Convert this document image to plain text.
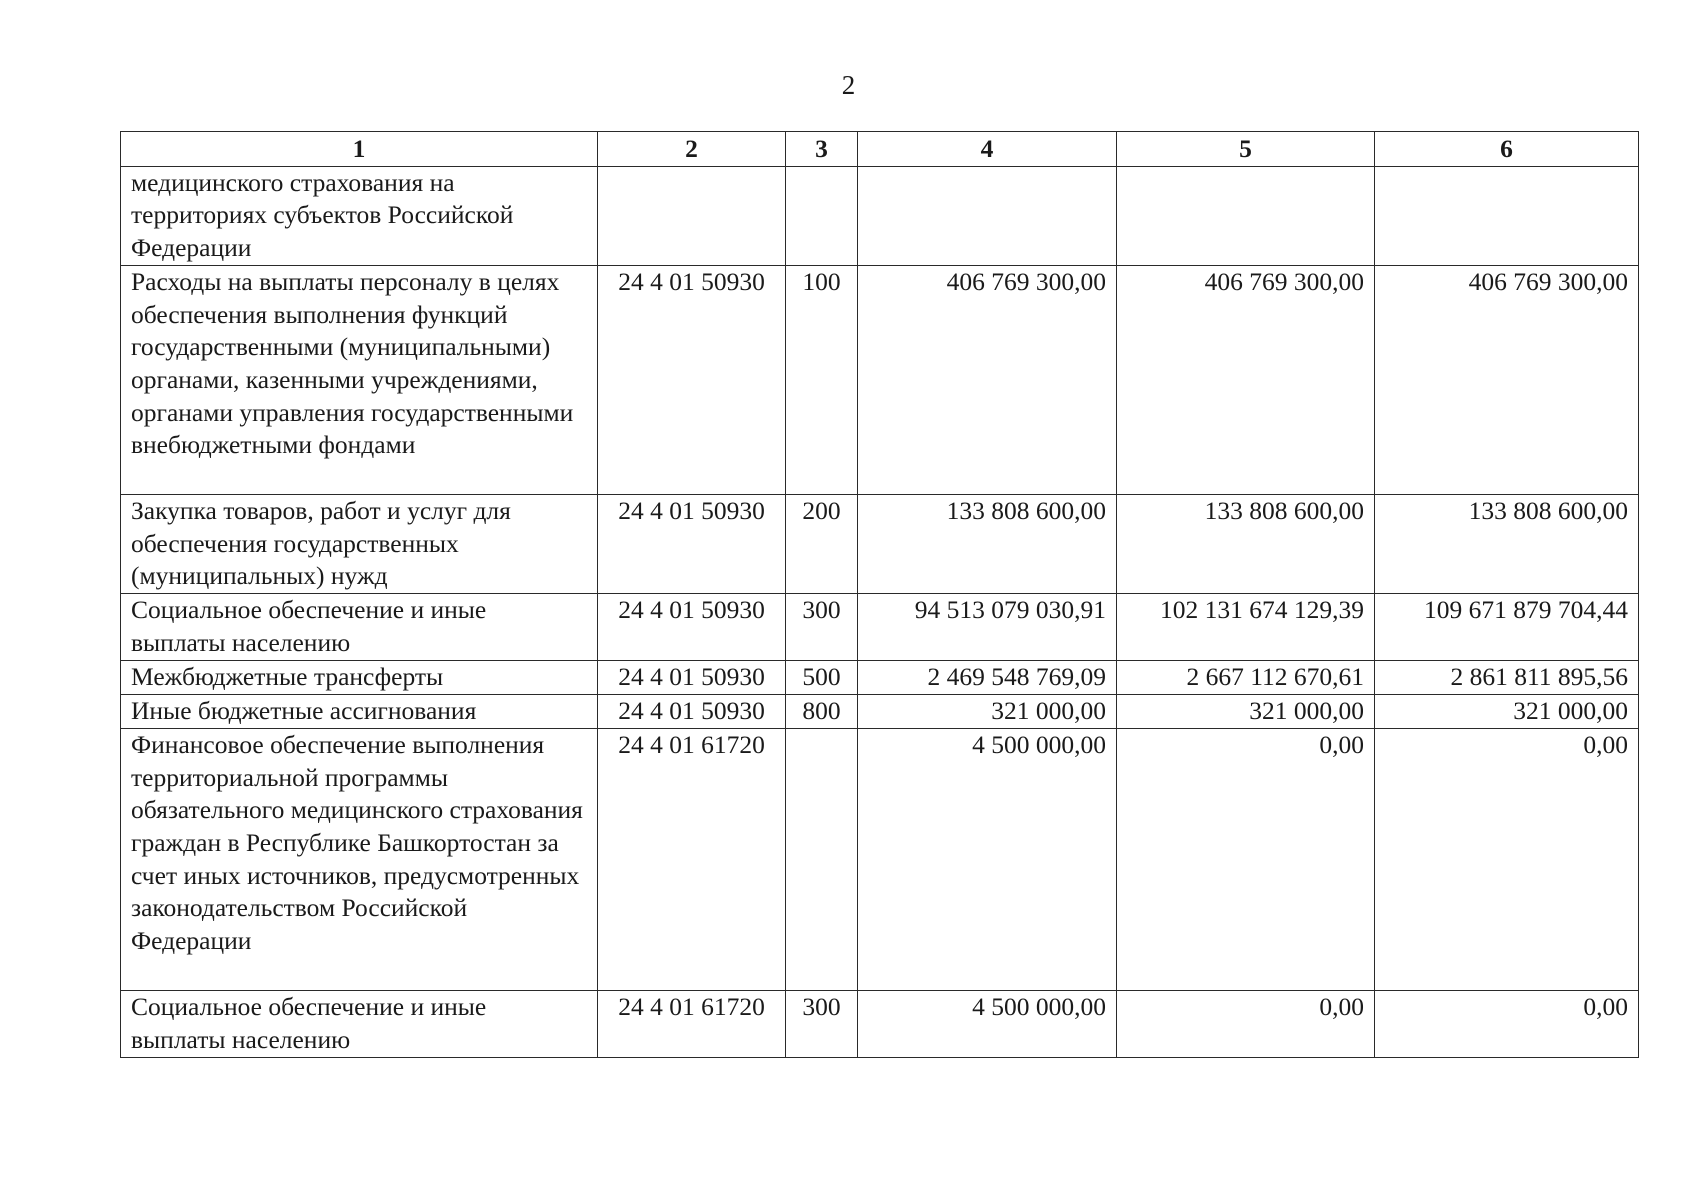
2
1	2	3	4	5	6
медицинского страхования на территориях субъектов Российской Федерации					
Расходы на выплаты персоналу в целях обеспечения выполнения функций государственными (муниципальными) органами, казенными учреждениями, органами управления государственными внебюджетными фондами	24 4 01 50930	100	406 769 300,00	406 769 300,00	406 769 300,00
Закупка товаров, работ и услуг для обеспечения государственных (муниципальных) нужд	24 4 01 50930	200	133 808 600,00	133 808 600,00	133 808 600,00
Социальное обеспечение и иные выплаты населению	24 4 01 50930	300	94 513 079 030,91	102 131 674 129,39	109 671 879 704,44
Межбюджетные трансферты	24 4 01 50930	500	2 469 548 769,09	2 667 112 670,61	2 861 811 895,56
Иные бюджетные ассигнования	24 4 01 50930	800	321 000,00	321 000,00	321 000,00
Финансовое обеспечение выполнения территориальной программы обязательного медицинского страхования граждан в Республике Башкортостан за счет иных источников, предусмотренных законодательством Российской Федерации	24 4 01 61720		4 500 000,00	0,00	0,00
Социальное обеспечение и иные выплаты населению	24 4 01 61720	300	4 500 000,00	0,00	0,00
